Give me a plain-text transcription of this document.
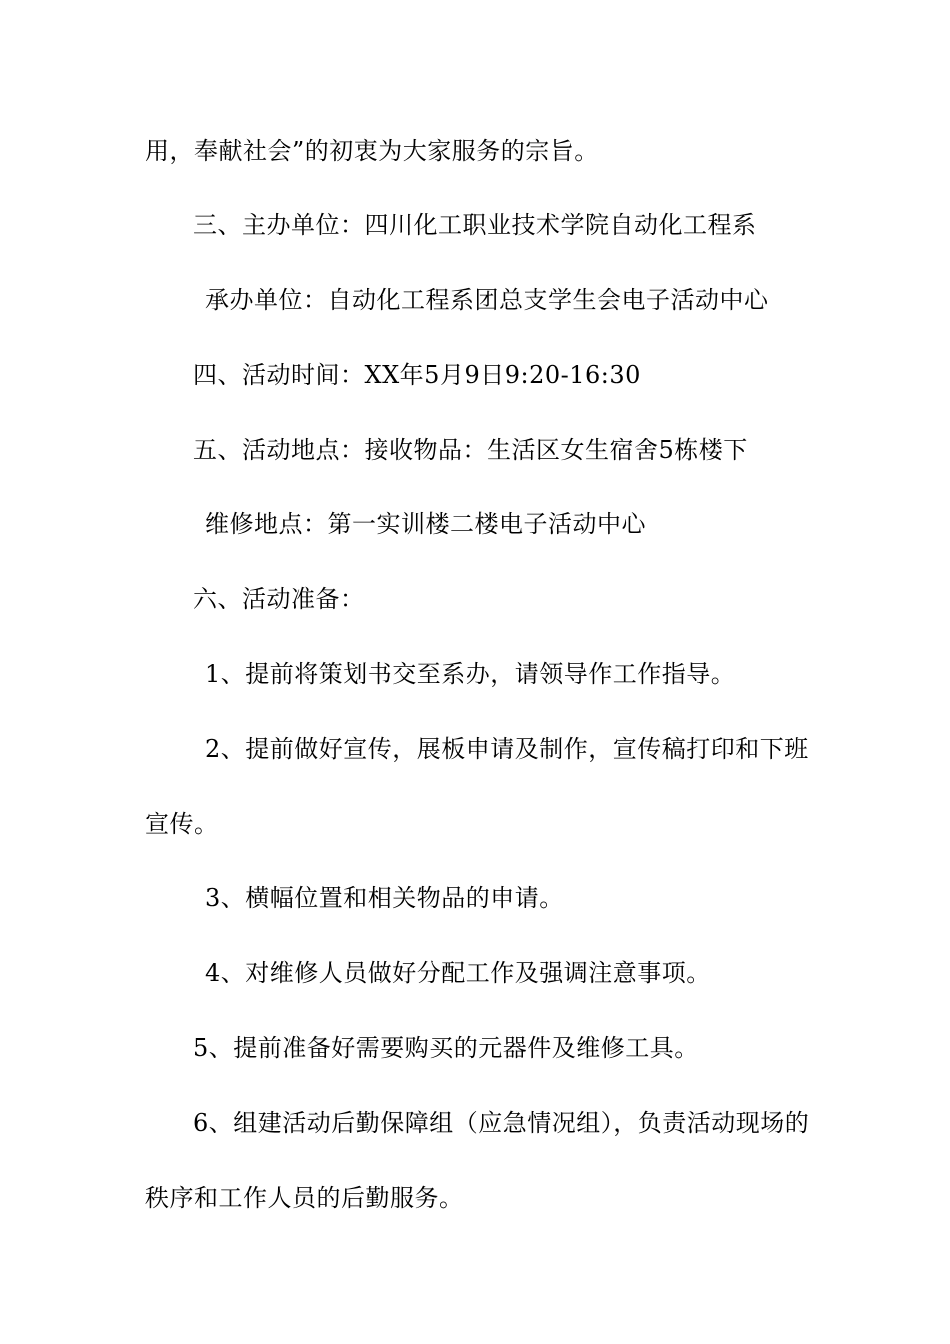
用，奉献社会”的初衷为大家服务的宗旨。
三、主办单位：四川化工职业技术学院自动化工程系
承办单位：自动化工程系团总支学生会电子活动中心
四、活动时间：XX年5月9日9:20-16:30
五、活动地点：接收物品：生活区女生宿舍5栋楼下
维修地点：第一实训楼二楼电子活动中心
六、活动准备：
1、提前将策划书交至系办，请领导作工作指导。
2、提前做好宣传，展板申请及制作，宣传稿打印和下班
宣传。
3、横幅位置和相关物品的申请。
4、对维修人员做好分配工作及强调注意事项。
5、提前准备好需要购买的元器件及维修工具。
6、组建活动后勤保障组（应急情况组），负责活动现场的
秩序和工作人员的后勤服务。
